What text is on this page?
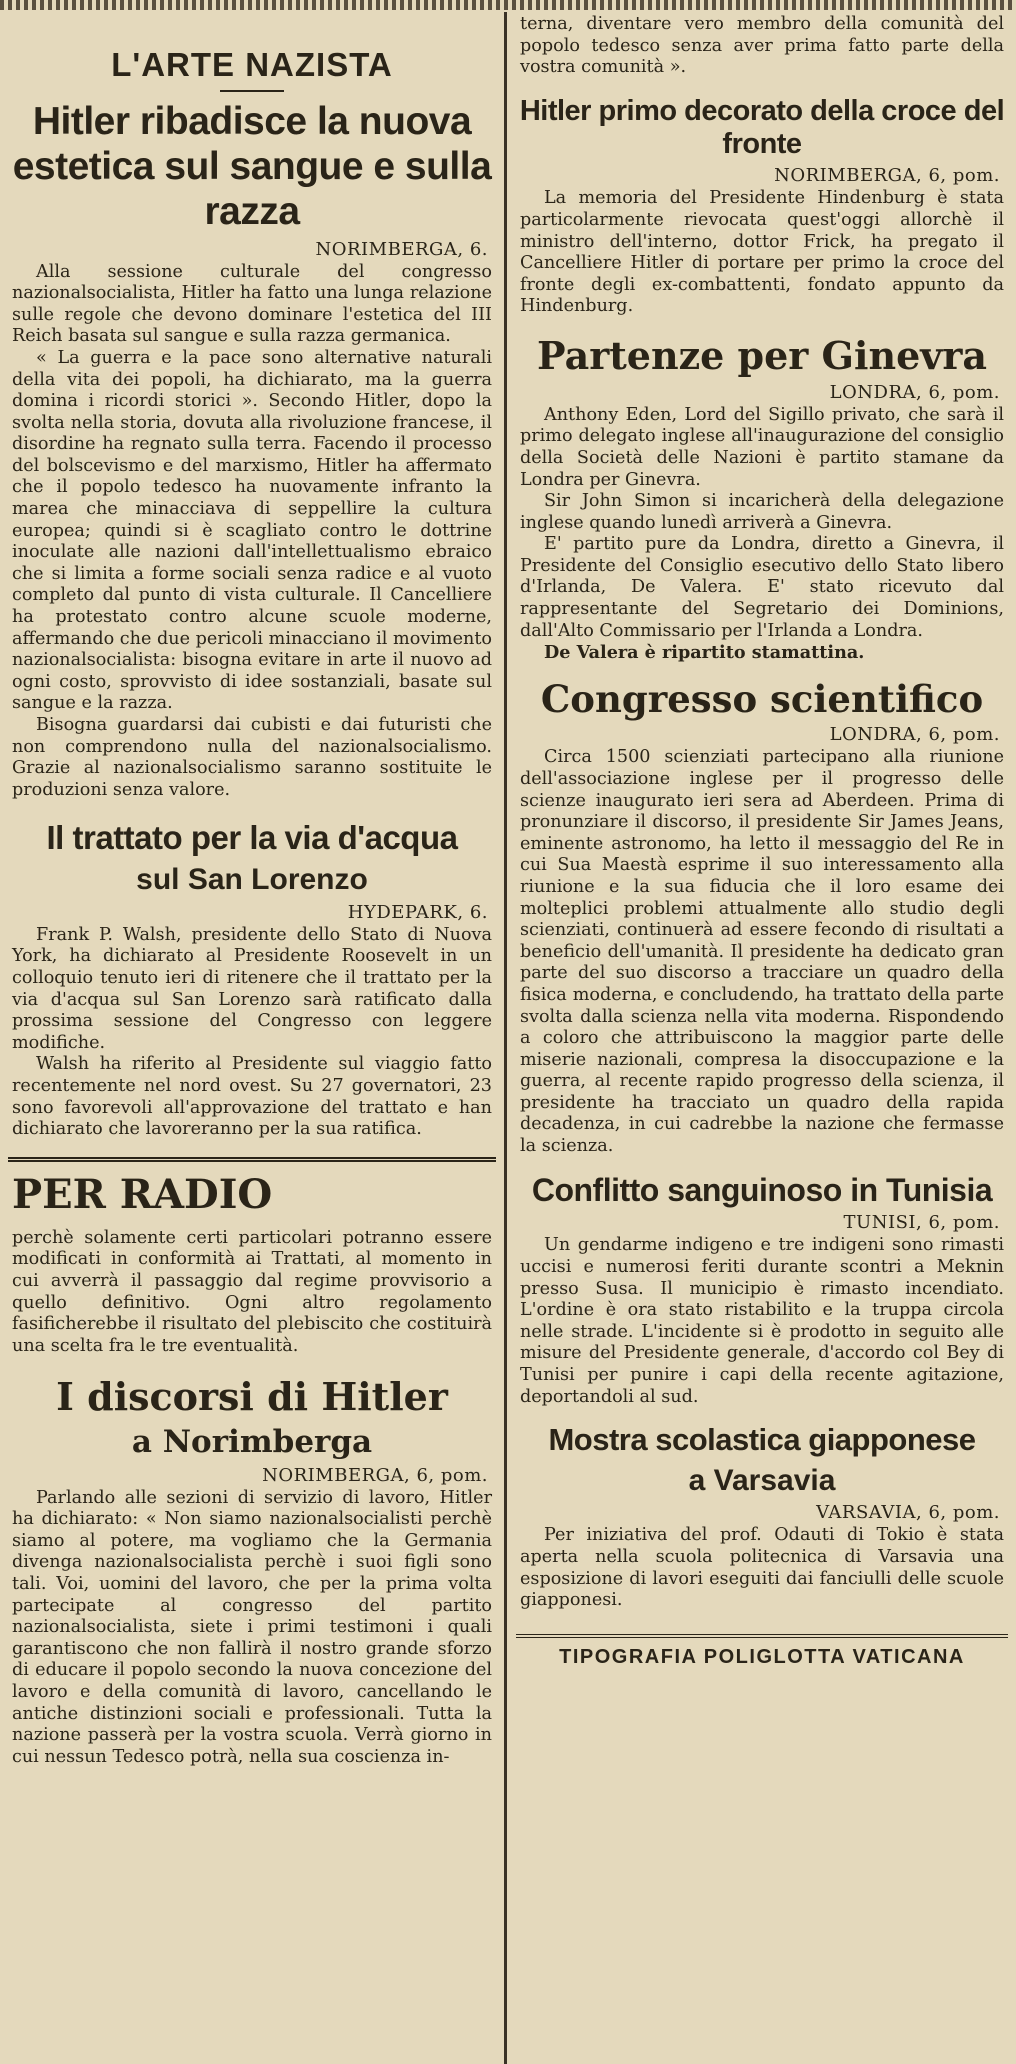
L'ARTE NAZISTA
Hitler ribadisce la nuova estetica sul sangue e sulla razza
NORIMBERGA, 6.

Alla sessione culturale del congresso nazionalsocialista, Hitler ha fatto una lunga relazione sulle regole che devono dominare l'estetica del III Reich basata sul sangue e sulla razza germanica.

« La guerra e la pace sono alternative naturali della vita dei popoli, ha dichiarato, ma la guerra domina i ricordi storici ». Secondo Hitler, dopo la svolta nella storia, dovuta alla rivoluzione francese, il disordine ha regnato sulla terra. Facendo il processo del bolscevismo e del marxismo, Hitler ha affermato che il popolo tedesco ha nuovamente infranto la marea che minacciava di seppellire la cultura europea; quindi si è scagliato contro le dottrine inoculate alle nazioni dall'intellettualismo ebraico che si limita a forme sociali senza radice e al vuoto completo dal punto di vista culturale. Il Cancelliere ha protestato contro alcune scuole moderne, affermando che due pericoli minacciano il movimento nazionalsocialista: bisogna evitare in arte il nuovo ad ogni costo, sprovvisto di idee sostanziali, basate sul sangue e la razza.

Bisogna guardarsi dai cubisti e dai futuristi che non comprendono nulla del nazionalsocialismo. Grazie al nazionalsocialismo saranno sostituite le produzioni senza valore.

Il trattato per la via d'acqua
sul San Lorenzo
HYDEPARK, 6.

Frank P. Walsh, presidente dello Stato di Nuova York, ha dichiarato al Presidente Roosevelt in un colloquio tenuto ieri di ritenere che il trattato per la via d'acqua sul San Lorenzo sarà ratificato dalla prossima sessione del Congresso con leggere modifiche.

Walsh ha riferito al Presidente sul viaggio fatto recentemente nel nord ovest. Su 27 governatori, 23 sono favorevoli all'approvazione del trattato e han dichiarato che lavoreranno per la sua ratifica.

PER RADIO

perchè solamente certi particolari potranno essere modificati in conformità ai Trattati, al momento in cui avverrà il passaggio dal regime provvisorio a quello definitivo. Ogni altro regolamento fasificherebbe il risultato del plebiscito che costituirà una scelta fra le tre eventualità.

I discorsi di Hitler
a Norimberga
NORIMBERGA, 6, pom.

Parlando alle sezioni di servizio di lavoro, Hitler ha dichiarato: « Non siamo nazionalsocialisti perchè siamo al potere, ma vogliamo che la Germania divenga nazionalsocialista perchè i suoi figli sono tali. Voi, uomini del lavoro, che per la prima volta partecipate al congresso del partito nazionalsocialista, siete i primi testimoni i quali garantiscono che non fallirà il nostro grande sforzo di educare il popolo secondo la nuova concezione del lavoro e della comunità di lavoro, cancellando le antiche distinzioni sociali e professionali. Tutta la nazione passerà per la vostra scuola. Verrà giorno in cui nessun Tedesco potrà, nella sua coscienza in-

terna, diventare vero membro della comunità del popolo tedesco senza aver prima fatto parte della vostra comunità ».

Hitler primo decorato della croce del fronte
NORIMBERGA, 6, pom.

La memoria del Presidente Hindenburg è stata particolarmente rievocata quest'oggi allorchè il ministro dell'interno, dottor Frick, ha pregato il Cancelliere Hitler di portare per primo la croce del fronte degli ex-combattenti, fondato appunto da Hindenburg.

Partenze per Ginevra
LONDRA, 6, pom.

Anthony Eden, Lord del Sigillo privato, che sarà il primo delegato inglese all'inaugurazione del consiglio della Società delle Nazioni è partito stamane da Londra per Ginevra.

Sir John Simon si incaricherà della delegazione inglese quando lunedì arriverà a Ginevra.

E' partito pure da Londra, diretto a Ginevra, il Presidente del Consiglio esecutivo dello Stato libero d'Irlanda, De Valera. E' stato ricevuto dal rappresentante del Segretario dei Dominions, dall'Alto Commissario per l'Irlanda a Londra.

De Valera è ripartito stamattina.

Congresso scientifico
LONDRA, 6, pom.

Circa 1500 scienziati partecipano alla riunione dell'associazione inglese per il progresso delle scienze inaugurato ieri sera ad Aberdeen. Prima di pronunziare il discorso, il presidente Sir James Jeans, eminente astronomo, ha letto il messaggio del Re in cui Sua Maestà esprime il suo interessamento alla riunione e la sua fiducia che il loro esame dei molteplici problemi attualmente allo studio degli scienziati, continuerà ad essere fecondo di risultati a beneficio dell'umanità. Il presidente ha dedicato gran parte del suo discorso a tracciare un quadro della fisica moderna, e concludendo, ha trattato della parte svolta dalla scienza nella vita moderna. Rispondendo a coloro che attribuiscono la maggior parte delle miserie nazionali, compresa la disoccupazione e la guerra, al recente rapido progresso della scienza, il presidente ha tracciato un quadro della rapida decadenza, in cui cadrebbe la nazione che fermasse la scienza.

Conflitto sanguinoso in Tunisia
TUNISI, 6, pom.

Un gendarme indigeno e tre indigeni sono rimasti uccisi e numerosi feriti durante scontri a Meknin presso Susa. Il municipio è rimasto incendiato. L'ordine è ora stato ristabilito e la truppa circola nelle strade. L'incidente si è prodotto in seguito alle misure del Presidente generale, d'accordo col Bey di Tunisi per punire i capi della recente agitazione, deportandoli al sud.

Mostra scolastica giapponese
a Varsavia
VARSAVIA, 6, pom.

Per iniziativa del prof. Odauti di Tokio è stata aperta nella scuola politecnica di Varsavia una esposizione di lavori eseguiti dai fanciulli delle scuole giapponesi.

TIPOGRAFIA POLIGLOTTA VATICANA
